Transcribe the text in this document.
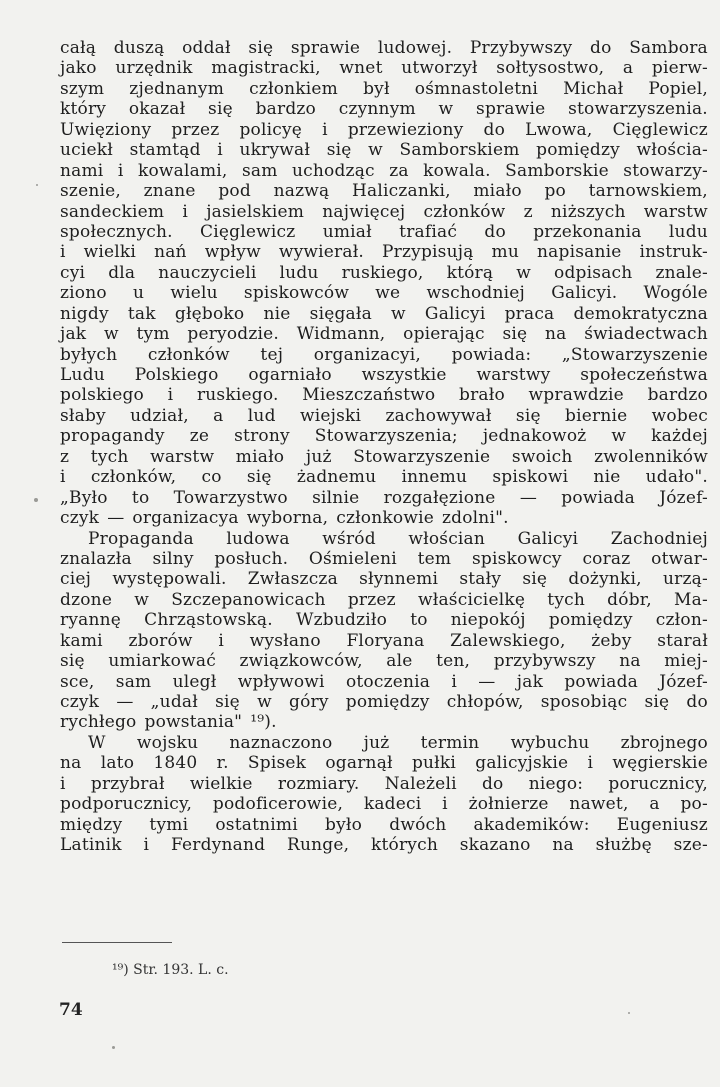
całą duszą oddał się sprawie ludowej. Przybywszy do Sambora
jako urzędnik magistracki, wnet utworzył sołtysostwo, a pierw-
szym zjednanym członkiem był ośmnastoletni Michał Popiel,
który okazał się bardzo czynnym w sprawie stowarzyszenia.
Uwięziony przez policyę i przewieziony do Lwowa, Cięglewicz
uciekł stamtąd i ukrywał się w Samborskiem pomiędzy włościa-
nami i kowalami, sam uchodząc za kowala. Samborskie stowarzy-
szenie, znane pod nazwą Haliczanki, miało po tarnowskiem,
sandeckiem i jasielskiem najwięcej członków z niższych warstw
społecznych. Cięglewicz umiał trafiać do przekonania ludu
i wielki nań wpływ wywierał. Przypisują mu napisanie instruk-
cyi dla nauczycieli ludu ruskiego, którą w odpisach znale-
ziono u wielu spiskowców we wschodniej Galicyi. Wogóle
nigdy tak głęboko nie sięgała w Galicyi praca demokratyczna
jak w tym peryodzie. Widmann, opierając się na świadectwach
byłych członków tej organizacyi, powiada: „Stowarzyszenie
Ludu Polskiego ogarniało wszystkie warstwy społeczeństwa
polskiego i ruskiego. Mieszczaństwo brało wprawdzie bardzo
słaby udział, a lud wiejski zachowywał się biernie wobec
propagandy ze strony Stowarzyszenia; jednakowoż w każdej
z tych warstw miało już Stowarzyszenie swoich zwolenników
i członków, co się żadnemu innemu spiskowi nie udało".
„Było to Towarzystwo silnie rozgałęzione — powiada Józef-
czyk — organizacya wyborna, członkowie zdolni".
Propaganda ludowa wśród włościan Galicyi Zachodniej
znalazła silny posłuch. Ośmieleni tem spiskowcy coraz otwar-
ciej występowali. Zwłaszcza słynnemi stały się dożynki, urzą-
dzone w Szczepanowicach przez właścicielkę tych dóbr, Ma-
ryannę Chrząstowską. Wzbudziło to niepokój pomiędzy człon-
kami zborów i wysłano Floryana Zalewskiego, żeby starał
się umiarkować związkowców, ale ten, przybywszy na miej-
sce, sam uległ wpływowi otoczenia i — jak powiada Józef-
czyk — „udał się w góry pomiędzy chłopów, sposobiąc się do
rychłego powstania" ¹⁹).
W wojsku naznaczono już termin wybuchu zbrojnego
na lato 1840 r. Spisek ogarnął pułki galicyjskie i węgierskie
i przybrał wielkie rozmiary. Należeli do niego: porucznicy,
podporucznicy, podoficerowie, kadeci i żołnierze nawet, a po-
między tymi ostatnimi było dwóch akademików: Eugeniusz
Latinik i Ferdynand Runge, których skazano na służbę sze-
¹⁹) Str. 193. L. c.
74
